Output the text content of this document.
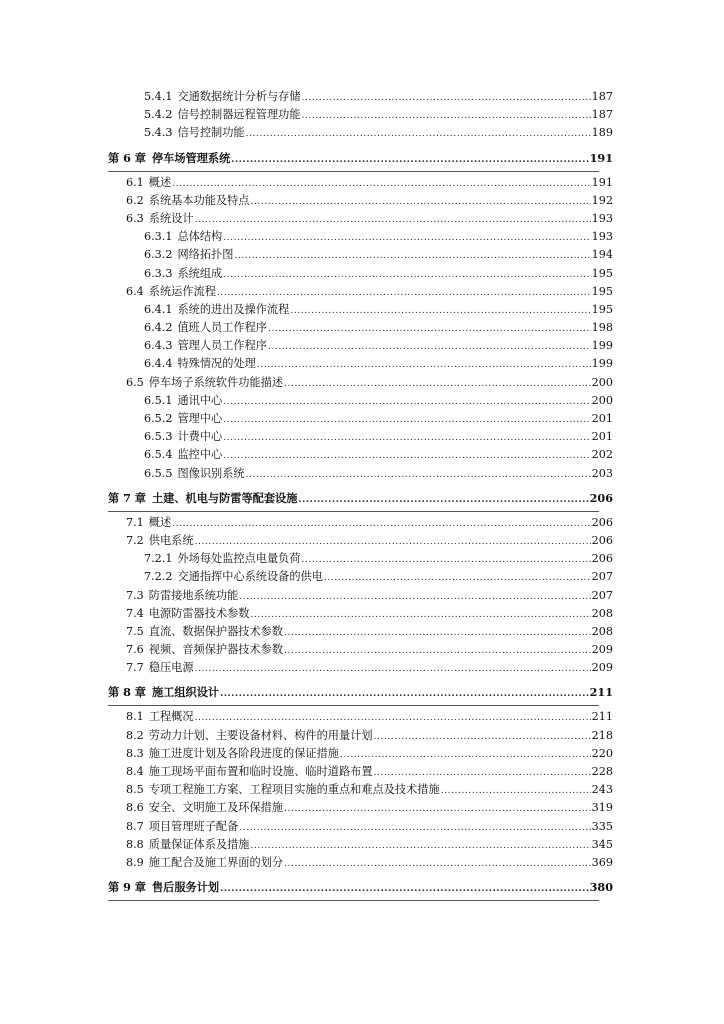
5.4.1 交通数据统计分析与存储 .....	187
5.4.2 信号控制器远程管理功能 .....	187
5.4.3 信号控制功能 .....	189
第 6 章 停车场管理系统 .....	191
6.1 概述 .....	191
6.2 系统基本功能及特点 .....	192
6.3 系统设计 .....	193
6.3.1 总体结构 .....	193
6.3.2 网络拓扑图 .....	194
6.3.3 系统组成 .....	195
6.4 系统运作流程 .....	195
6.4.1 系统的进出及操作流程 .....	195
6.4.2 值班人员工作程序 .....	198
6.4.3 管理人员工作程序 .....	199
6.4.4 特殊情况的处理 .....	199
6.5 停车场子系统软件功能描述 .....	200
6.5.1 通讯中心 .....	200
6.5.2 管理中心 .....	201
6.5.3 计费中心 .....	201
6.5.4 监控中心 .....	202
6.5.5 图像识别系统 .....	203
第 7 章 土建、机电与防雷等配套设施 .....	206
7.1 概述 .....	206
7.2 供电系统 .....	206
7.2.1 外场每处监控点电量负荷 .....	206
7.2.2 交通指挥中心系统设备的供电 .....	207
7.3 防雷接地系统功能 .....	207
7.4 电源防雷器技术参数 .....	208
7.5 直流、数据保护器技术参数 .....	208
7.6 视频、音频保护器技术参数 .....	209
7.7 稳压电源 .....	209
第 8 章 施工组织设计 .....	211
8.1 工程概况 .....	211
8.2 劳动力计划、主要设备材料、构件的用量计划 .....	218
8.3 施工进度计划及各阶段进度的保证措施 .....	220
8.4 施工现场平面布置和临时设施、临时道路布置 .....	228
8.5 专项工程施工方案、工程项目实施的重点和难点及技术措施 .....	243
8.6 安全、文明施工及环保措施 .....	319
8.7 项目管理班子配备 .....	335
8.8 质量保证体系及措施 .....	345
8.9 施工配合及施工界面的划分 .....	369
第 9 章 售后服务计划 .....	380
